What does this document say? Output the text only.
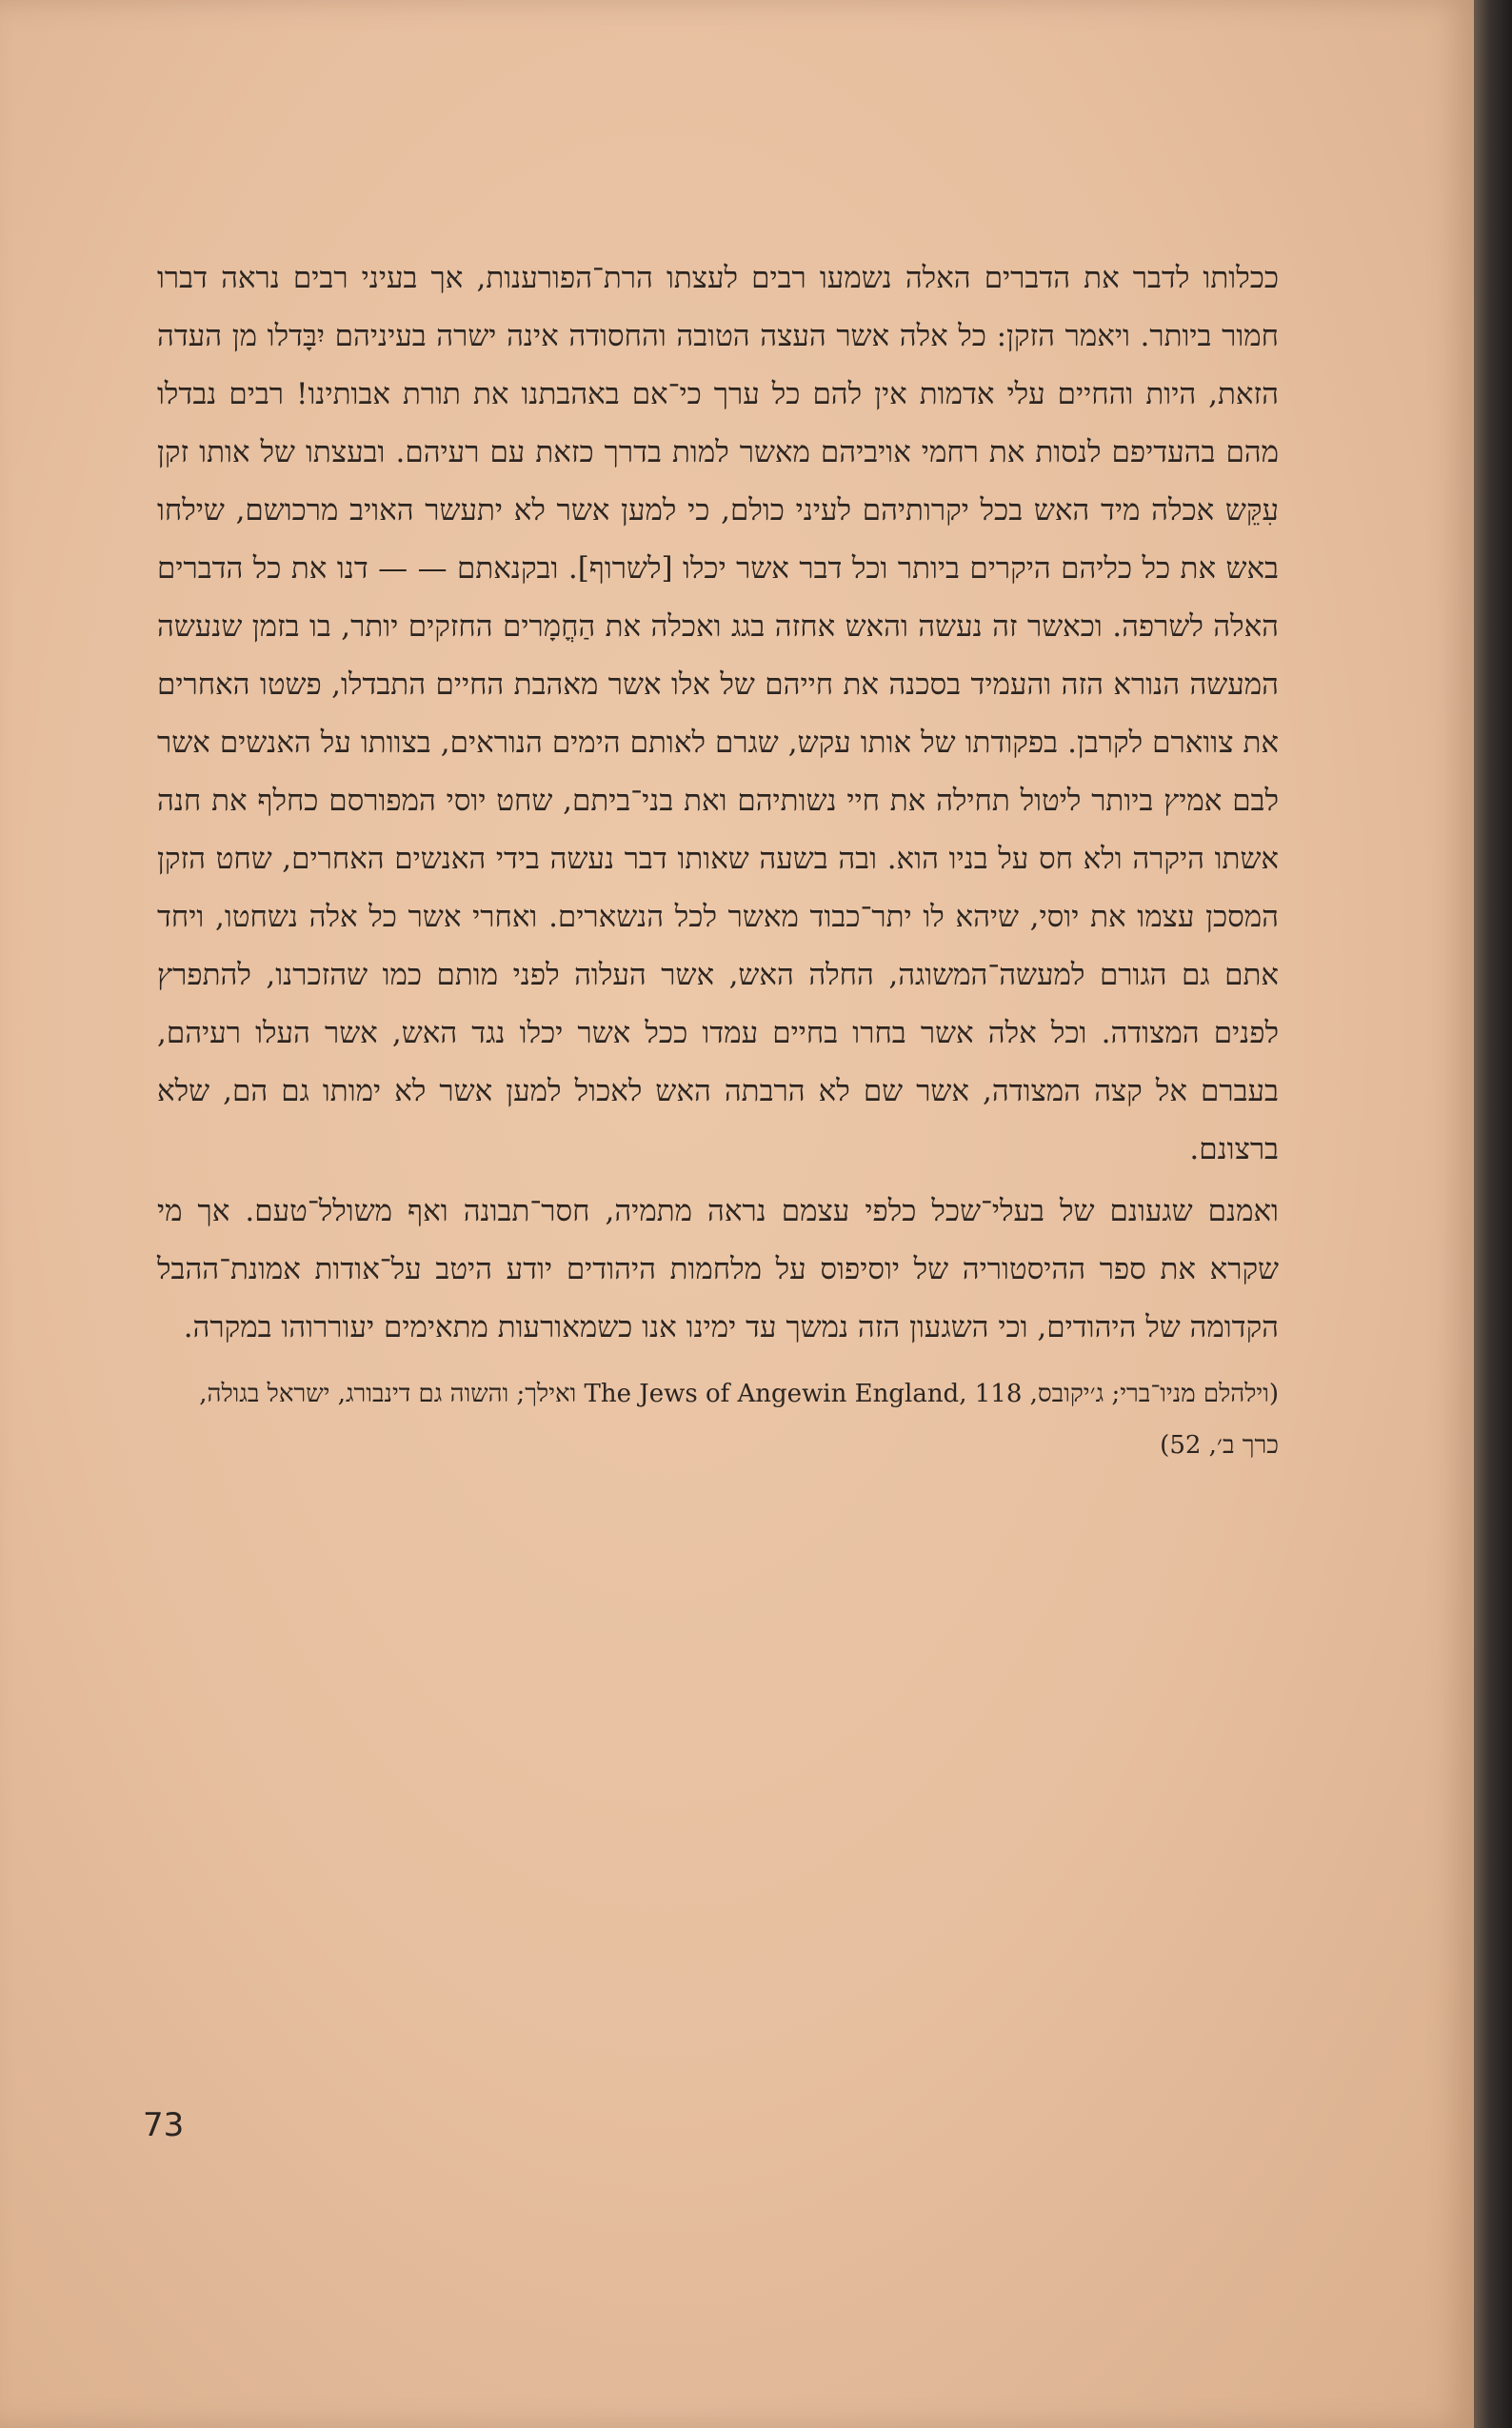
ככלותו לדבר את הדברים האלה נשמעו רבים לעצתו הרת־הפורענות, אך בעיני רבים נראה דברו חמור ביותר. ויאמר הזקן: כל אלה אשר העצה הטובה והחסודה אינה ישרה בעיניהם יִבָּדלו מן העדה הזאת, היות והחיים עלי אדמות אין להם כל ערך כי־אם באהבתנו את תורת אבותינו! רבים נבדלו מהם בהעדיפם לנסות את רחמי אויביהם מאשר למות בדרך כזאת עם רעיהם. ובעצתו של אותו זקן עִקֵּש אכלה מיד האש בכל יקרותיהם לעיני כולם, כי למען אשר לא יתעשר האויב מרכושם, שילחו באש את כל כליהם היקרים ביותר וכל דבר אשר יכלו [לשרוף]. ובקנאתם — — דנו את כל הדברים האלה לשרפה. וכאשר זה נעשה והאש אחזה בגג ואכלה את הַחֳמָרים החזקים יותר, בו בזמן שנעשה המעשה הנורא הזה והעמיד בסכנה את חייהם של אלו אשר מאהבת החיים התבדלו, פשטו האחרים את צווארם לקרבן. בפקודתו של אותו עקש, שגרם לאותם הימים הנוראים, בצוותו על האנשים אשר לבם אמיץ ביותר ליטול תחילה את חיי נשותיהם ואת בני־ביתם, שחט יוסי המפורסם כחלף את חנה אשתו היקרה ולא חס על בניו הוא. ובה בשעה שאותו דבר נעשה בידי האנשים האחרים, שחט הזקן המסכן עצמו את יוסי, שיהא לו יתר־כבוד מאשר לכל הנשארים. ואחרי אשר כל אלה נשחטו, ויחד אתם גם הגורם למעשה־המשוגה, החלה האש, אשר העלוה לפני מותם כמו שהזכרנו, להתפרץ לפנים המצודה. וכל אלה אשר בחרו בחיים עמדו ככל אשר יכלו נגד האש, אשר העלו רעיהם, בעברם אל קצה המצודה, אשר שם לא הרבתה האש לאכול למען אשר לא ימותו גם הם, שלא ברצונם.

ואמנם שגעונם של בעלי־שכל כלפי עצמם נראה מתמיה, חסר־תבונה ואף משולל־טעם. אך מי שקרא את ספר ההיסטוריה של יוסיפוס על מלחמות היהודים יודע היטב על־אודות אמונת־ההבל הקדומה של היהודים, וכי השגעון הזה נמשך עד ימינו אנו כשמאורעות מתאימים יעוררוהו במקרה.

(וילהלם מניו־ברי; ג׳יקובס, The Jews of Angewin England, 118 ואילך; והשוה גם דינבורג, ישראל בגולה, כרך ב׳, 52)

73
